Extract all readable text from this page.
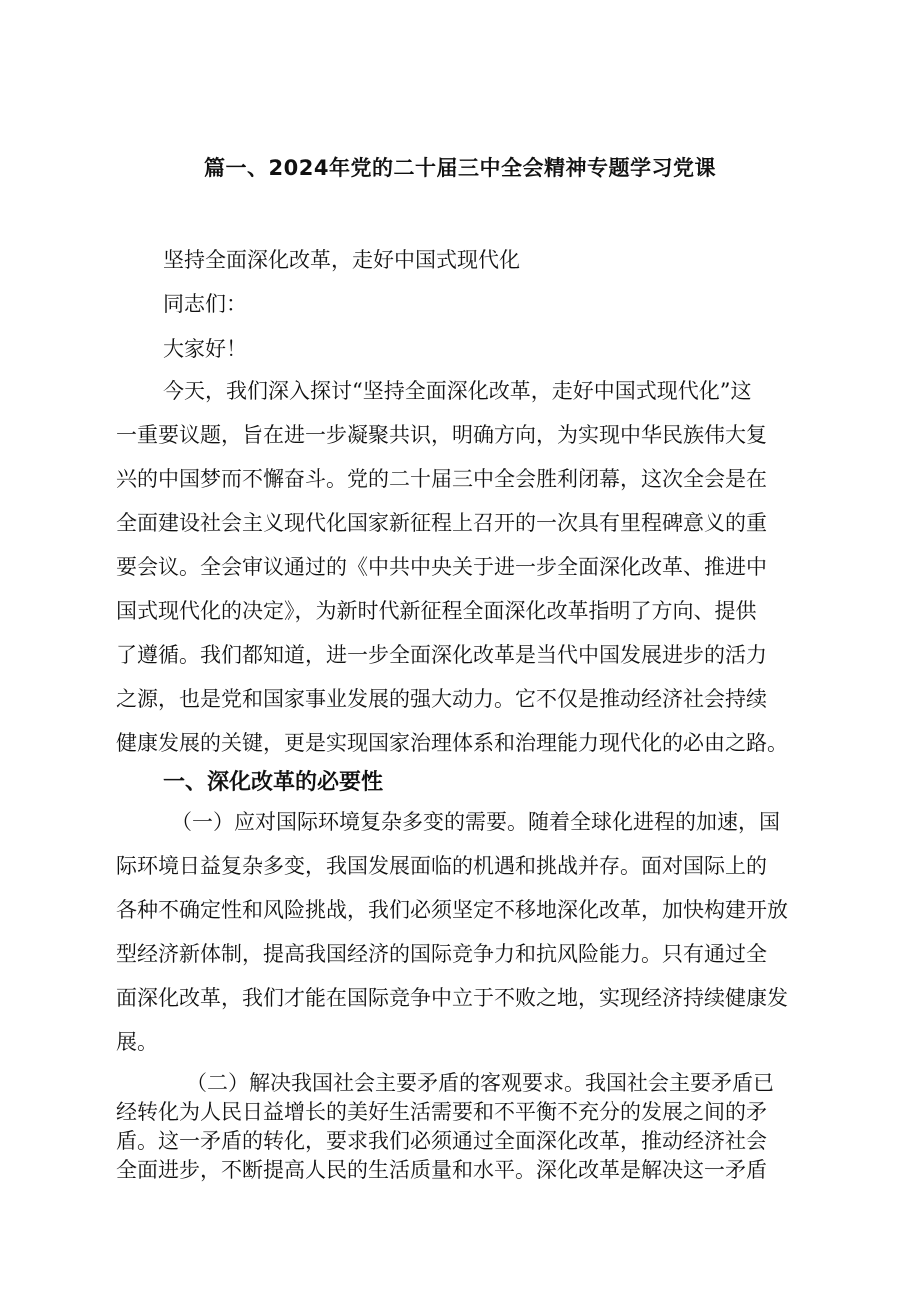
篇一、2024年党的二十届三中全会精神专题学习党课

坚持全面深化改革，走好中国式现代化

同志们：

大家好！

今天，我们深入探讨“坚持全面深化改革，走好中国式现代化”这
一重要议题，旨在进一步凝聚共识，明确方向，为实现中华民族伟大复
兴的中国梦而不懈奋斗。党的二十届三中全会胜利闭幕，这次全会是在
全面建设社会主义现代化国家新征程上召开的一次具有里程碑意义的重
要会议。全会审议通过的《中共中央关于进一步全面深化改革、推进中
国式现代化的决定》，为新时代新征程全面深化改革指明了方向、提供
了遵循。我们都知道，进一步全面深化改革是当代中国发展进步的活力
之源，也是党和国家事业发展的强大动力。它不仅是推动经济社会持续
健康发展的关键，更是实现国家治理体系和治理能力现代化的必由之路。
一、深化改革的必要性
（一）应对国际环境复杂多变的需要。随着全球化进程的加速，国
际环境日益复杂多变，我国发展面临的机遇和挑战并存。面对国际上的
各种不确定性和风险挑战，我们必须坚定不移地深化改革，加快构建开放
型经济新体制，提高我国经济的国际竞争力和抗风险能力。只有通过全
面深化改革，我们才能在国际竞争中立于不败之地，实现经济持续健康发
展。
（二）解决我国社会主要矛盾的客观要求。我国社会主要矛盾已
经转化为人民日益增长的美好生活需要和不平衡不充分的发展之间的矛
盾。这一矛盾的转化，要求我们必须通过全面深化改革，推动经济社会
全面进步，不断提高人民的生活质量和水平。深化改革是解决这一矛盾
